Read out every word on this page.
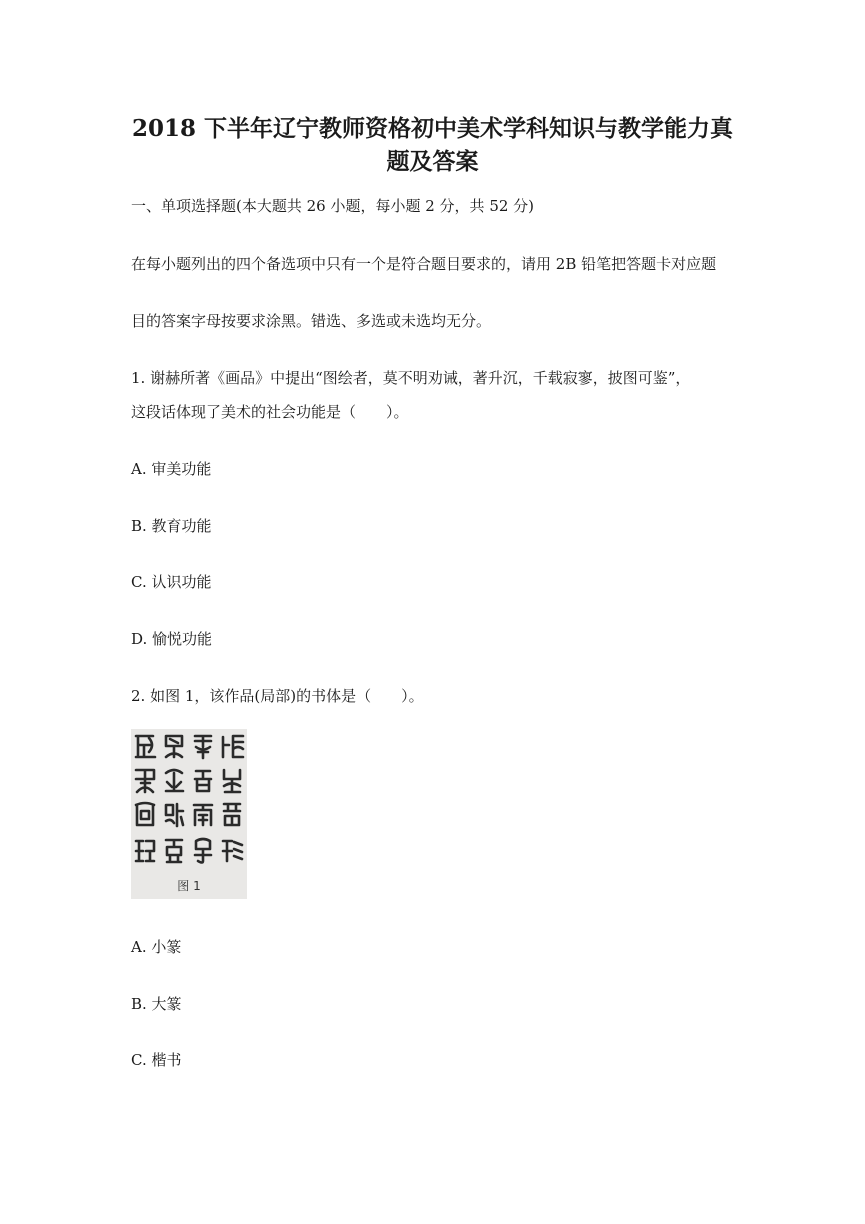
2018 下半年辽宁教师资格初中美术学科知识与教学能力真
题及答案
一、单项选择题(本大题共 26 小题，每小题 2 分，共 52 分)
在每小题列出的四个备选项中只有一个是符合题目要求的，请用 2B 铅笔把答题卡对应题
目的答案字母按要求涂黑。错选、多选或未选均无分。
1. 谢赫所著《画品》中提出“图绘者，莫不明劝诫，著升沉，千载寂寥，披图可鉴”，
这段话体现了美术的社会功能是（　　）。
A. 审美功能
B. 教育功能
C. 认识功能
D. 愉悦功能
2. 如图 1，该作品(局部)的书体是（　　）。
图 1
A. 小篆
B. 大篆
C. 楷书
